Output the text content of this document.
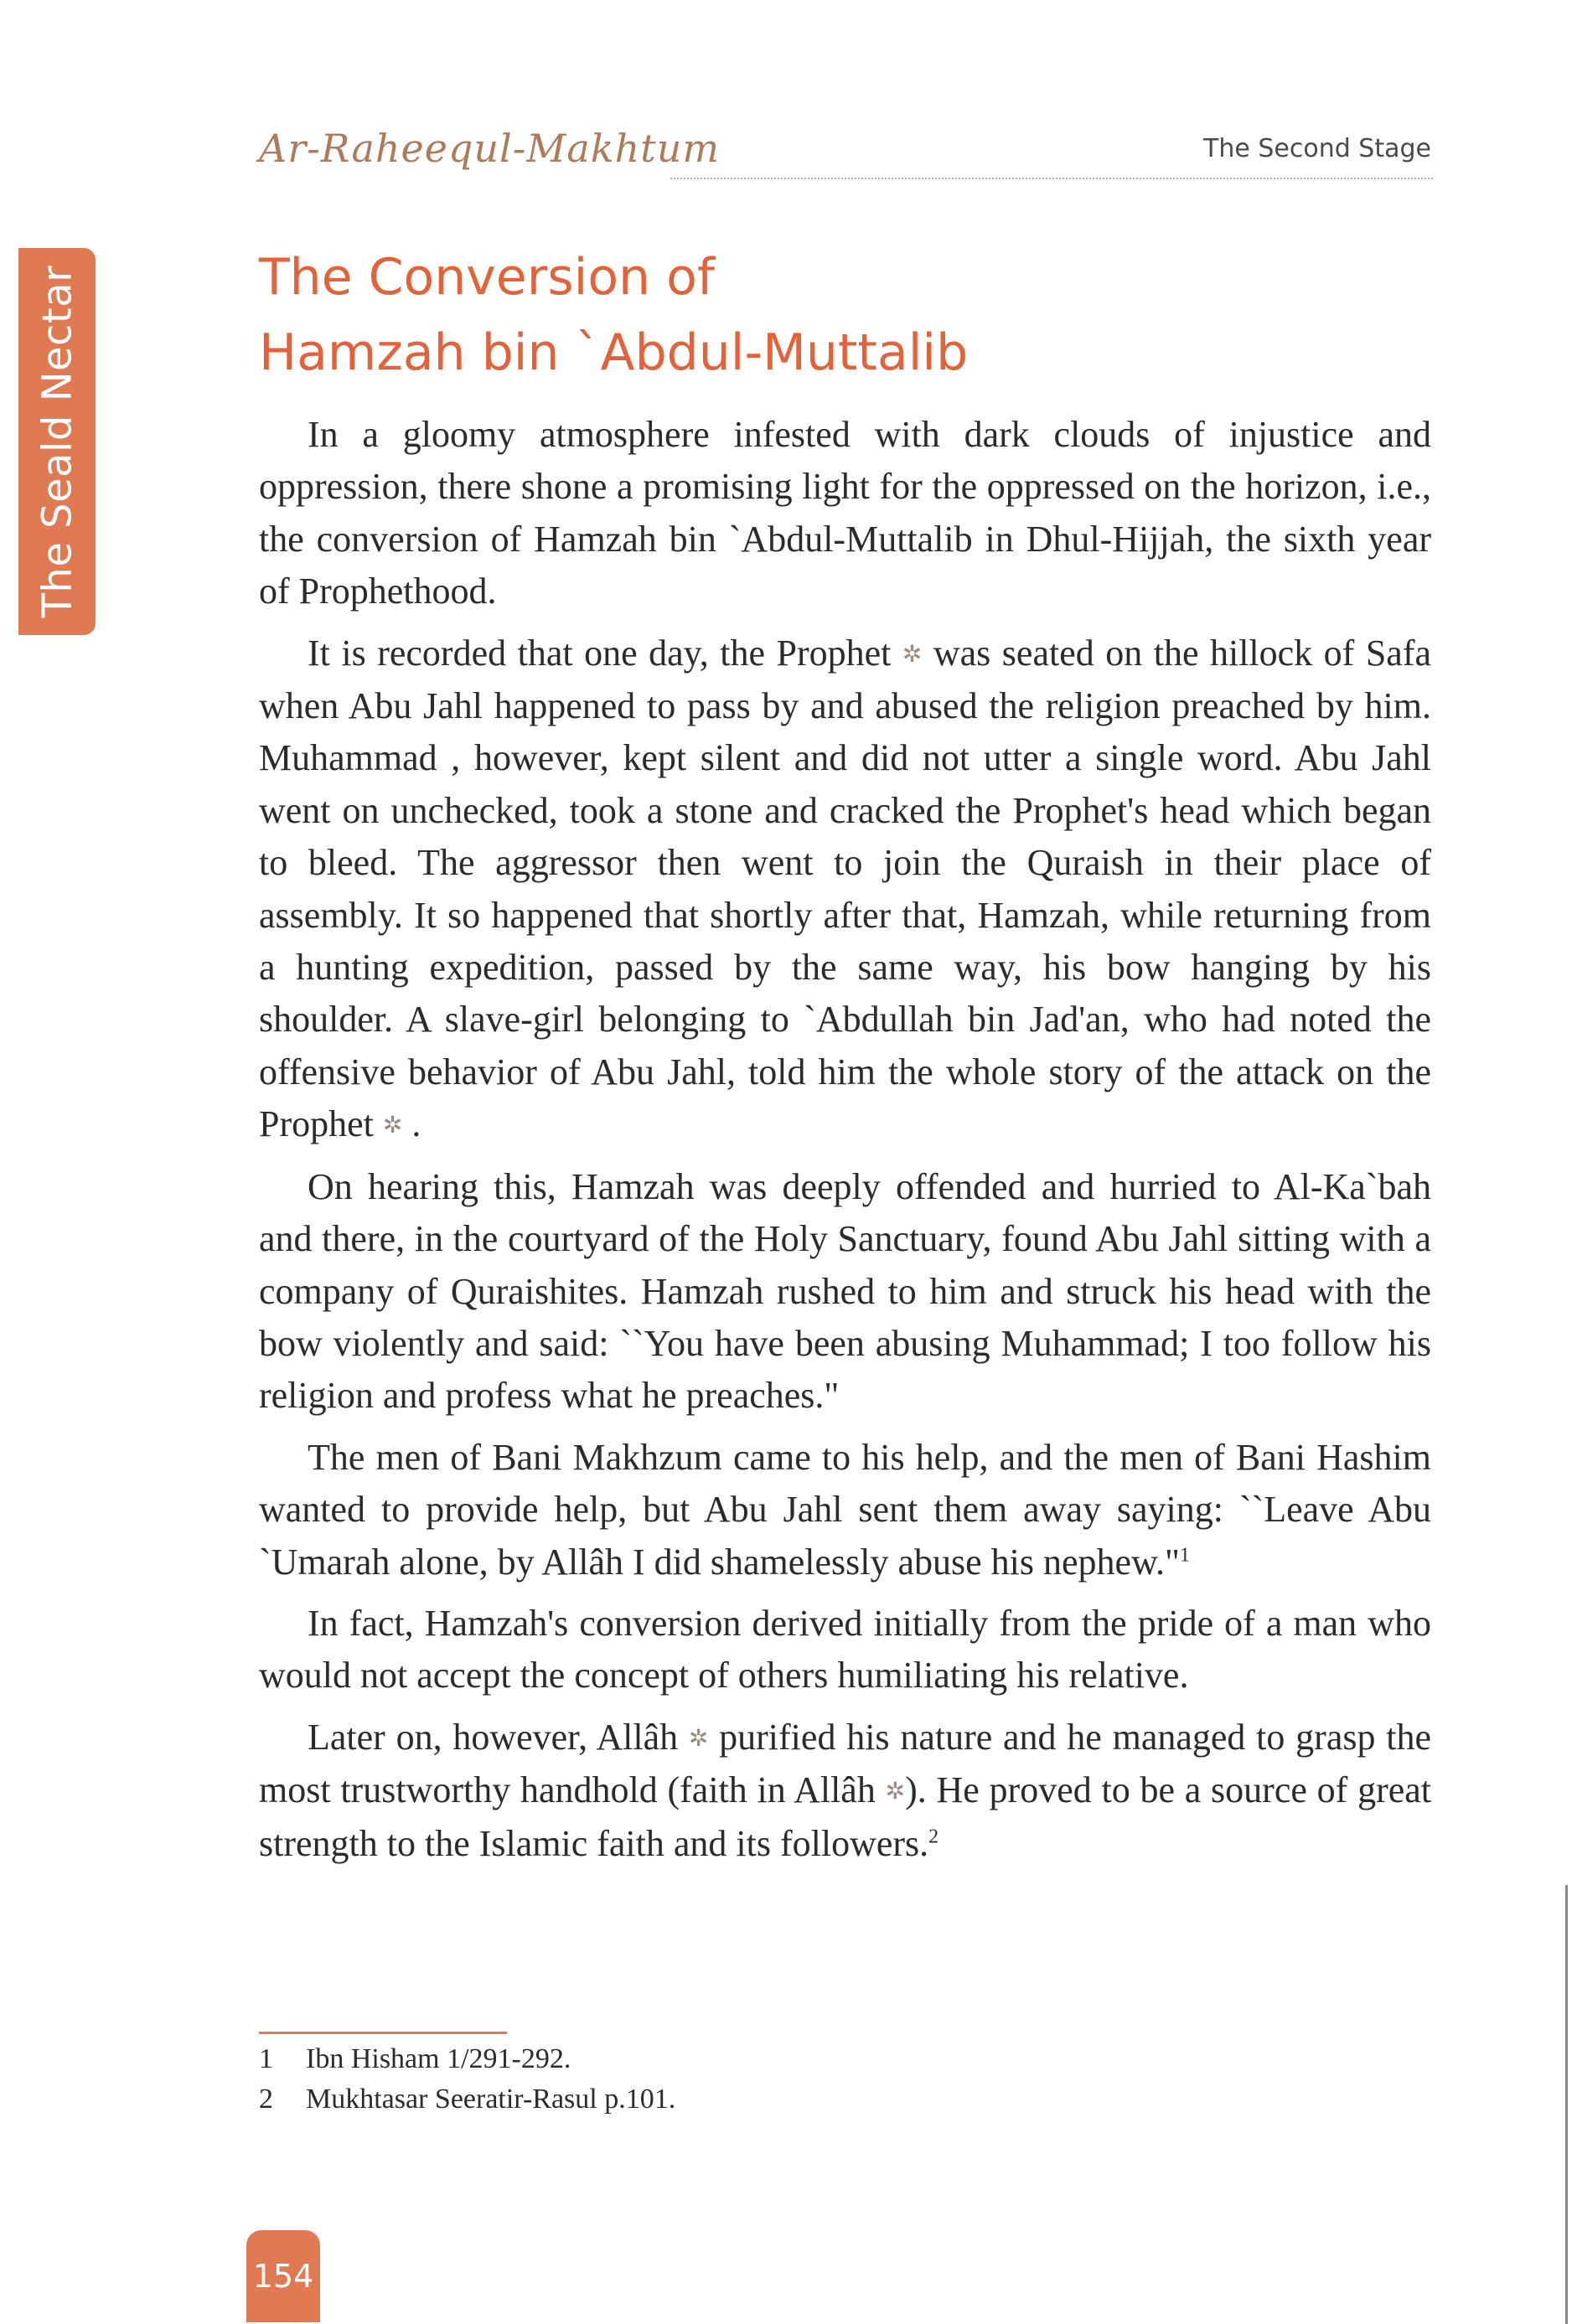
Ar-Raheequl-Makhtum	The Second Stage
The Seald Nectar	The Conversion of
Hamzah bin `Abdul-Muttalib

In a gloomy atmosphere infested with dark clouds of injustice and oppression, there shone a promising light for the oppressed on the horizon, i.e., the conversion of Hamzah bin `Abdul-Muttalib in Dhul-Hijjah, the sixth year of Prophethood.

It is recorded that one day, the Prophet ✲ was seated on the hillock of Safa when Abu Jahl happened to pass by and abused the religion preached by him. Muhammad , however, kept silent and did not utter a single word. Abu Jahl went on unchecked, took a stone and cracked the Prophet's head which began to bleed. The aggressor then went to join the Quraish in their place of assembly. It so happened that shortly after that, Hamzah, while returning from a hunting expedition, passed by the same way, his bow hanging by his shoulder. A slave-girl belonging to `Abdullah bin Jad'an, who had noted the offensive behavior of Abu Jahl, told him the whole story of the attack on the Prophet ✲ .

On hearing this, Hamzah was deeply offended and hurried to Al-Ka`bah and there, in the courtyard of the Holy Sanctuary, found Abu Jahl sitting with a company of Quraishites. Hamzah rushed to him and struck his head with the bow violently and said: ``You have been abusing Muhammad; I too follow his religion and profess what he preaches."

The men of Bani Makhzum came to his help, and the men of Bani Hashim wanted to provide help, but Abu Jahl sent them away saying: ``Leave Abu `Umarah alone, by Allâh I did shamelessly abuse his nephew."$^1$

In fact, Hamzah's conversion derived initially from the pride of a man who would not accept the concept of others humiliating his relative.

Later on, however, Allâh ✲ purified his nature and he managed to grasp the most trustworthy handhold (faith in Allâh ✲). He proved to be a source of great strength to the Islamic faith and its followers.$^2$

1	Ibn Hisham 1/291-292.
2	Mukhtasar Seeratir-Rasul p.101.
154
